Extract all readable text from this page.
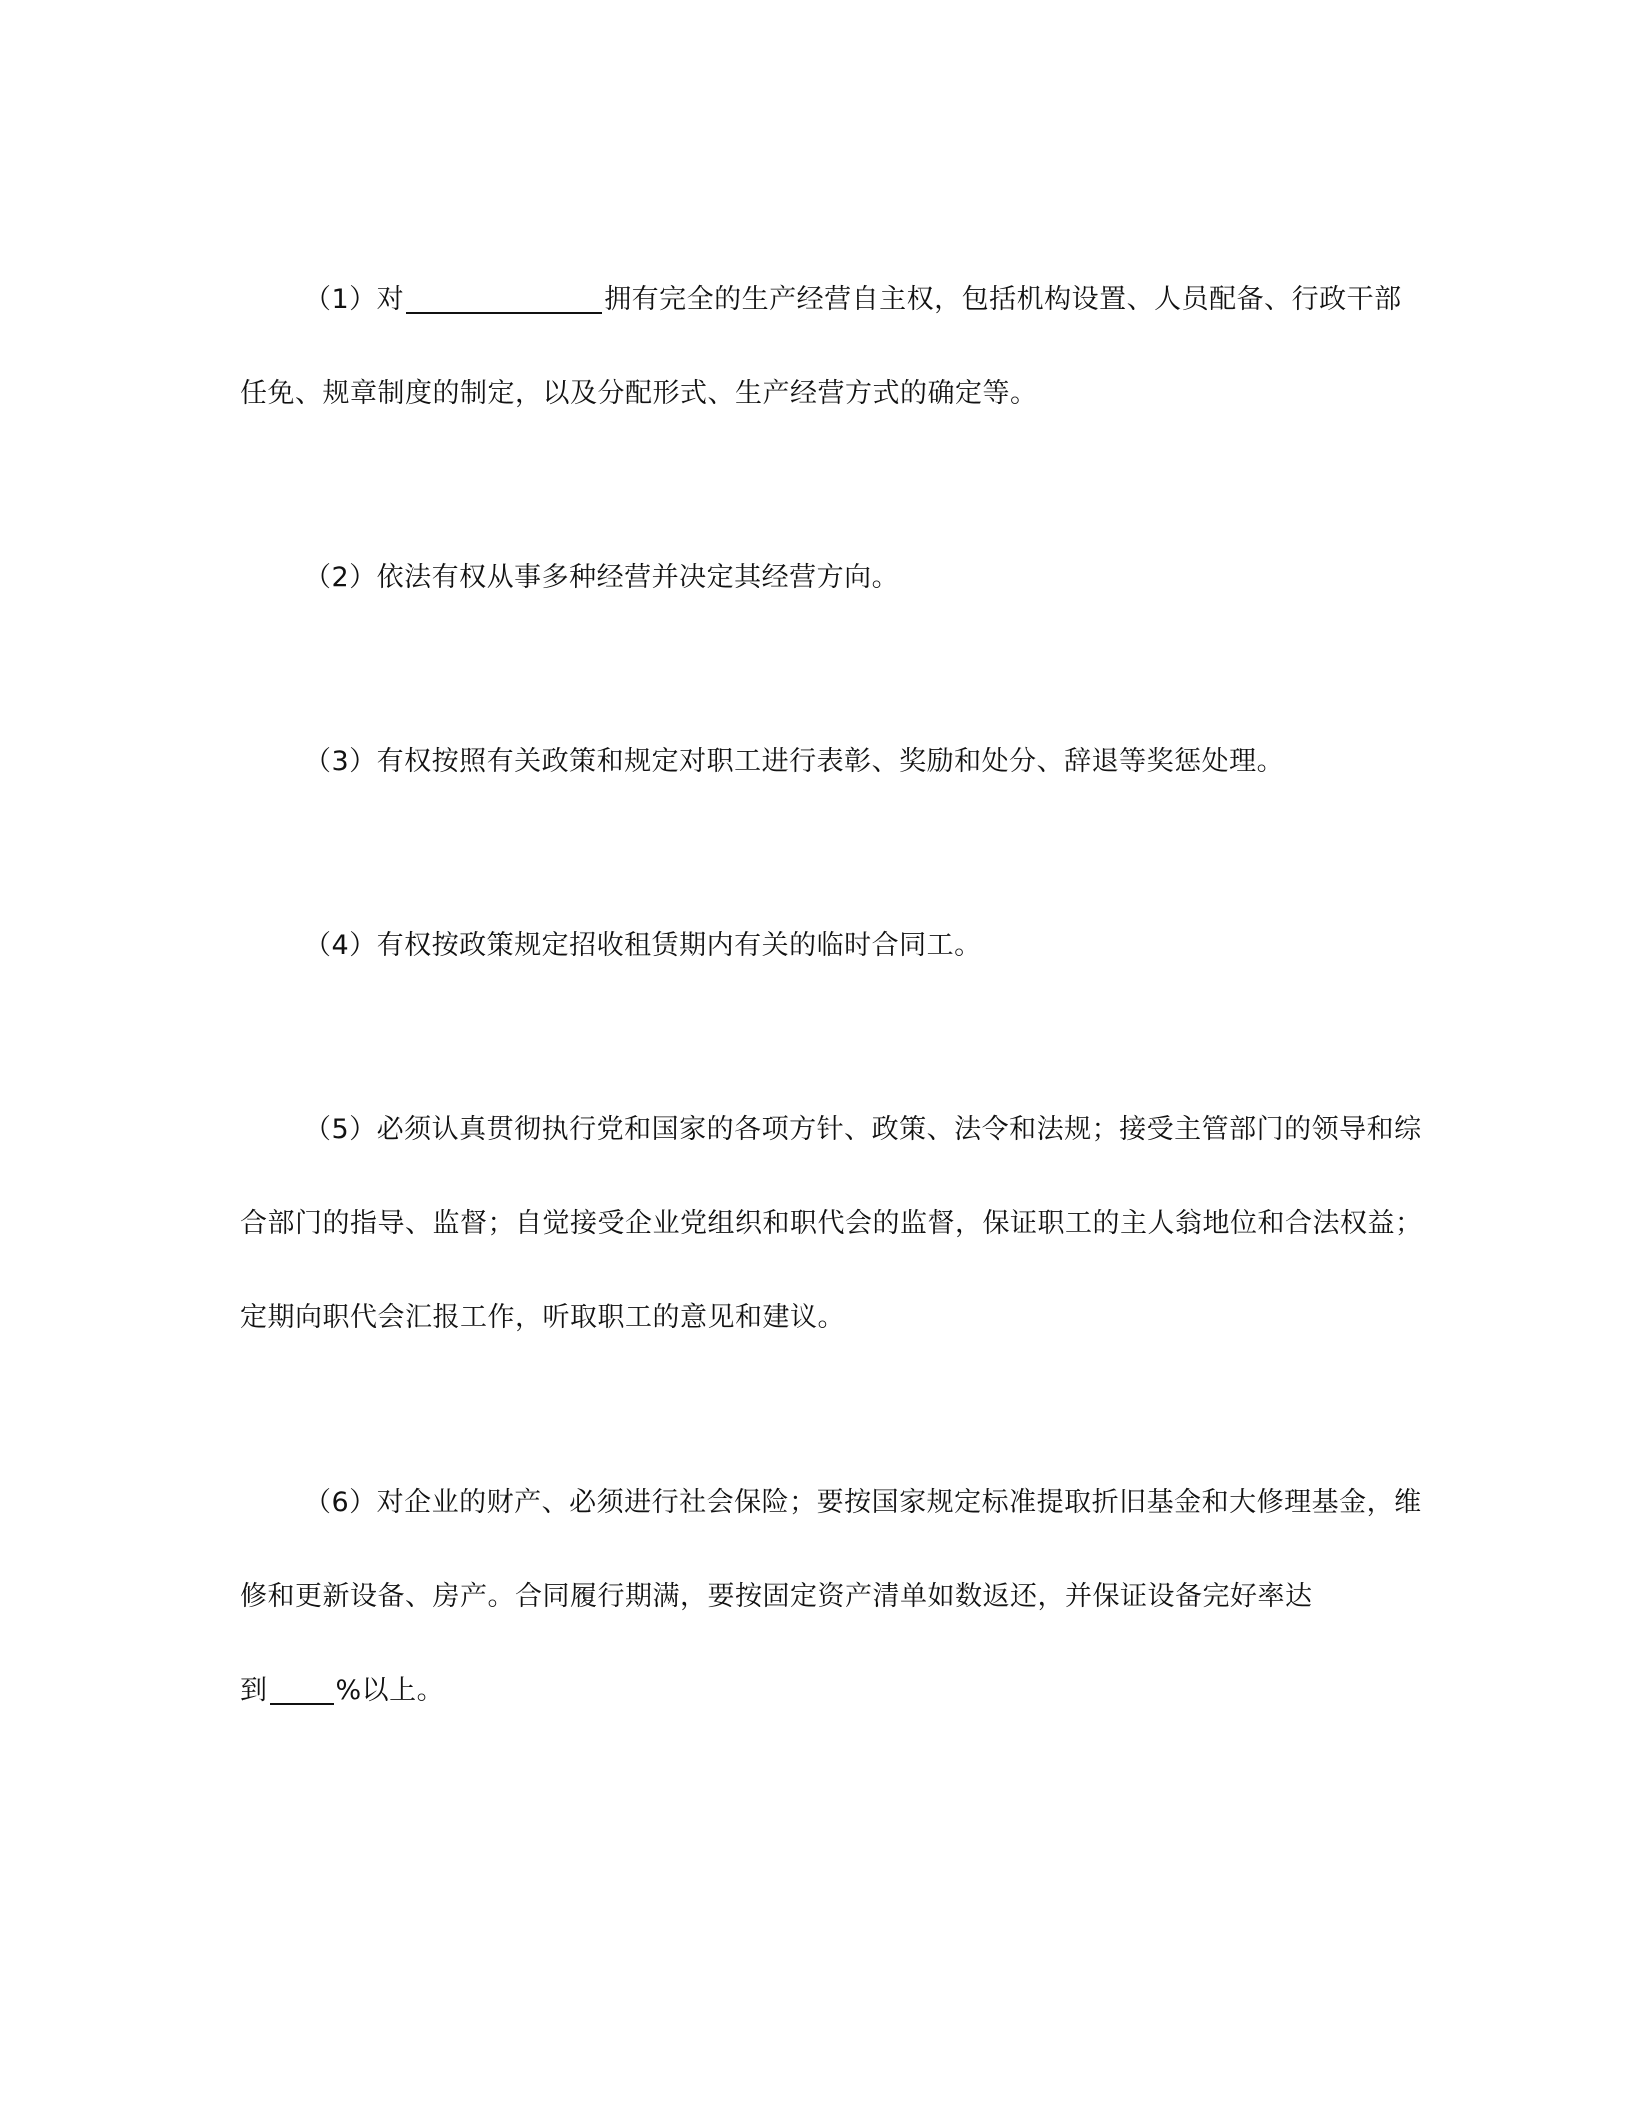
（1）对	拥有完全的生产经营自主权，包括机构设置、人员配备、行政干部
任免、规章制度的制定，以及分配形式、生产经营方式的确定等。
（2）依法有权从事多种经营并决定其经营方向。
（3）有权按照有关政策和规定对职工进行表彰、奖励和处分、辞退等奖惩处理。
（4）有权按政策规定招收租赁期内有关的临时合同工。
（5）必须认真贯彻执行党和国家的各项方针、政策、法令和法规；接受主管部门的领导和综
合部门的指导、监督；自觉接受企业党组织和职代会的监督，保证职工的主人翁地位和合法权益；
定期向职代会汇报工作，听取职工的意见和建议。
（6）对企业的财产、必须进行社会保险；要按国家规定标准提取折旧基金和大修理基金，维
修和更新设备、房产。合同履行期满，要按固定资产清单如数返还，并保证设备完好率达
到	%以上。
